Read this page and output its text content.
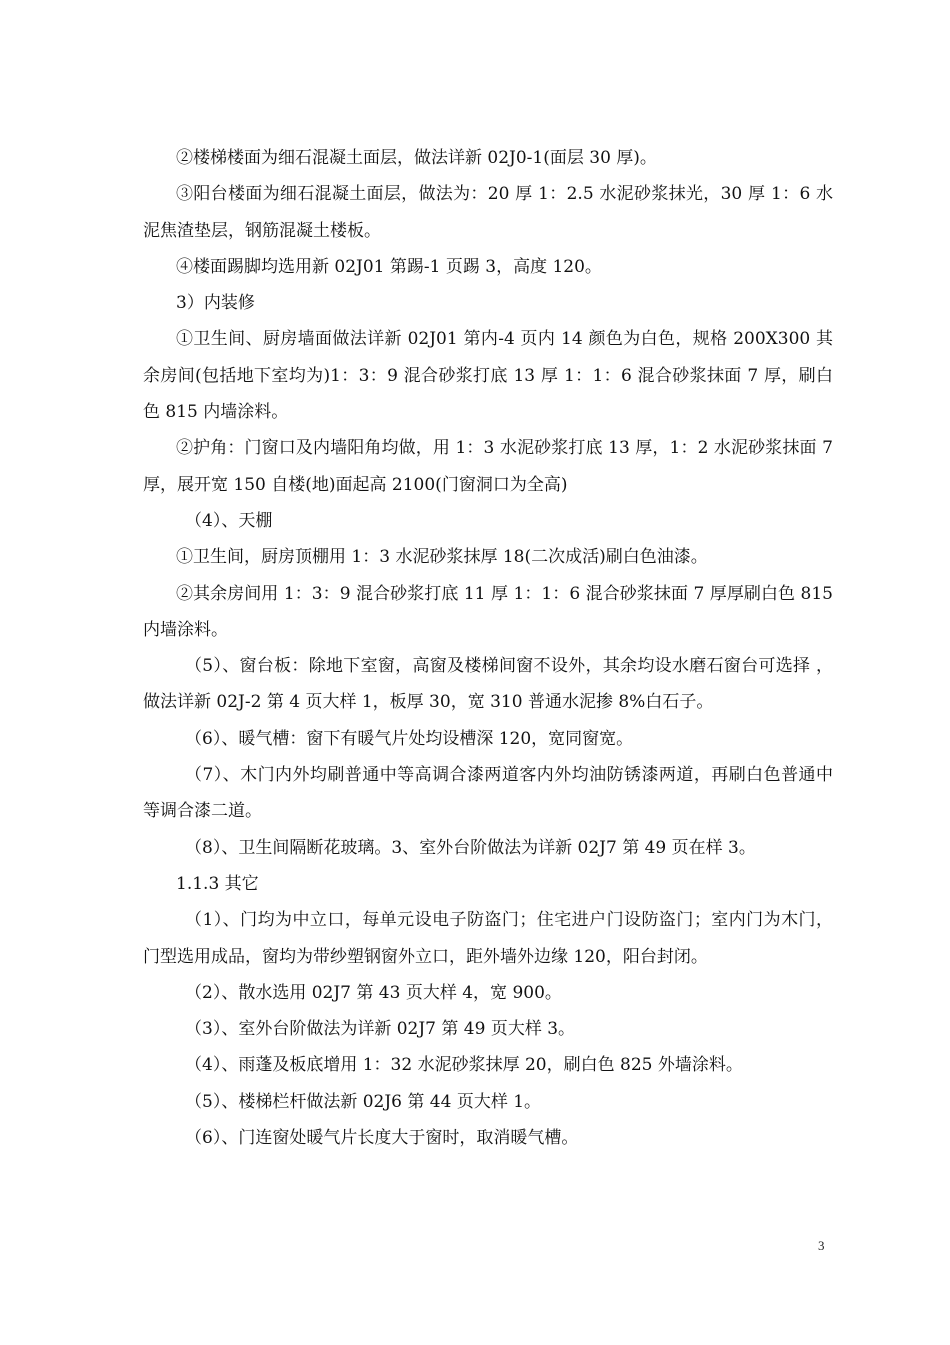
②楼梯楼面为细石混凝土面层，做法详新 02J0-1(面层 30 厚)。

③阳台楼面为细石混凝土面层，做法为：20 厚 1：2.5 水泥砂浆抹光，30 厚 1：6 水泥焦渣垫层，钢筋混凝土楼板。

④楼面踢脚均选用新 02J01 第踢-1 页踢 3，高度 120。

3）内装修

①卫生间、厨房墙面做法详新 02J01 第内-4 页内 14 颜色为白色，规格 200X300 其余房间(包括地下室均为)1：3：9 混合砂浆打底 13 厚 1：1：6 混合砂浆抹面 7 厚，刷白色 815 内墙涂料。

②护角：门窗口及内墙阳角均做，用 1：3 水泥砂浆打底 13 厚，1：2 水泥砂浆抹面 7 厚，展开宽 150 自楼(地)面起高 2100(门窗洞口为全高)

（4）、天棚

①卫生间，厨房顶棚用 1：3 水泥砂浆抹厚 18(二次成活)刷白色油漆。

②其余房间用 1：3：9 混合砂浆打底 11 厚 1：1：6 混合砂浆抹面 7 厚厚刷白色 815 内墙涂料。

（5）、窗台板：除地下室窗，高窗及楼梯间窗不设外，其余均设水磨石窗台可选择 ，做法详新 02J-2 第 4 页大样 1，板厚 30，宽 310 普通水泥掺 8%白石子。

（6）、暖气槽：窗下有暖气片处均设槽深 120，宽同窗宽。

（7）、木门内外均刷普通中等高调合漆两道客内外均油防锈漆两道，再刷白色普通中等调合漆二道。

（8）、卫生间隔断花玻璃。3、室外台阶做法为详新 02J7 第 49 页在样 3。

1.1.3 其它

（1）、门均为中立口，每单元设电子防盗门；住宅进户门设防盗门；室内门为木门，门型选用成品，窗均为带纱塑钢窗外立口，距外墙外边缘 120，阳台封闭。

（2）、散水选用 02J7 第 43 页大样 4，宽 900。

（3）、室外台阶做法为详新 02J7 第 49 页大样 3。

（4）、雨蓬及板底增用 1：32 水泥砂浆抹厚 20，刷白色 825 外墙涂料。

（5）、楼梯栏杆做法新 02J6 第 44 页大样 1。

（6）、门连窗处暖气片长度大于窗时，取消暖气槽。

3
